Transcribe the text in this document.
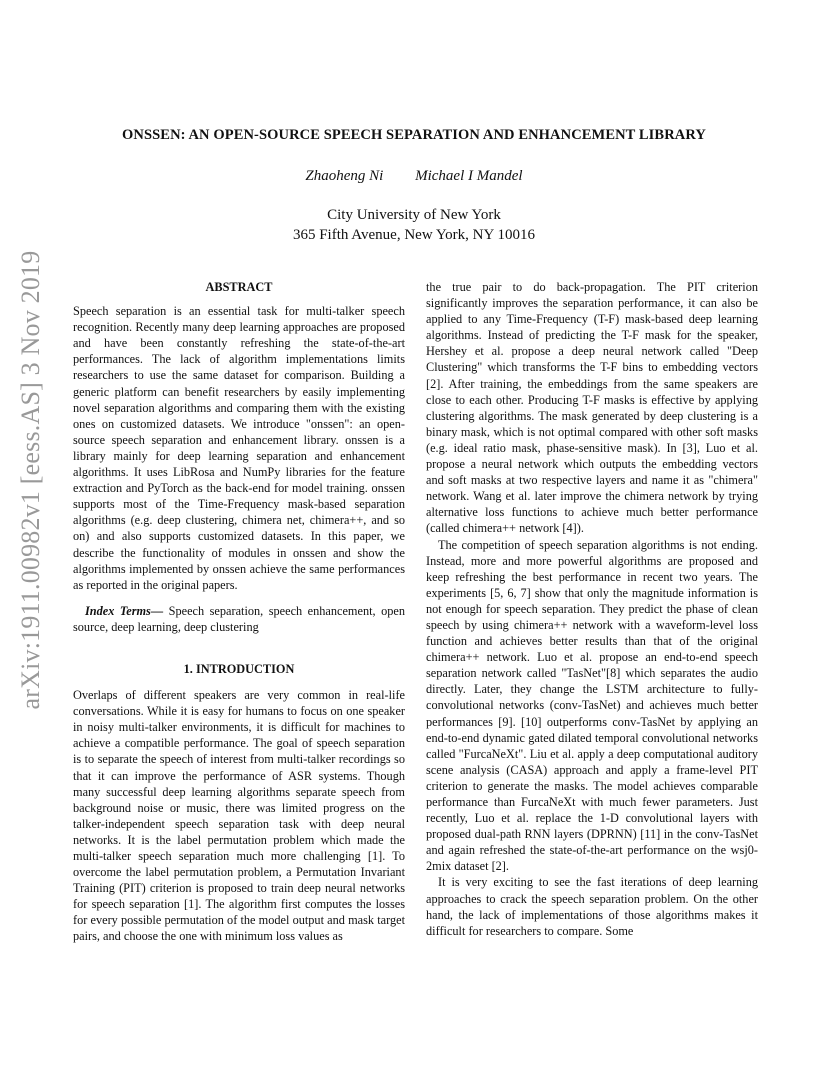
arXiv:1911.00982v1 [eess.AS] 3 Nov 2019
ONSSEN: AN OPEN-SOURCE SPEECH SEPARATION AND ENHANCEMENT LIBRARY
Zhaoheng Ni Michael I Mandel
City University of New York
365 Fifth Avenue, New York, NY 10016
ABSTRACT

Speech separation is an essential task for multi-talker speech recognition. Recently many deep learning approaches are proposed and have been constantly refreshing the state-of-the-art performances. The lack of algorithm implementations limits researchers to use the same dataset for comparison. Building a generic platform can benefit researchers by easily implementing novel separation algorithms and comparing them with the existing ones on customized datasets. We introduce "onssen": an open-source speech separation and enhancement library. onssen is a library mainly for deep learning separation and enhancement algorithms. It uses LibRosa and NumPy libraries for the feature extraction and PyTorch as the back-end for model training. onssen supports most of the Time-Frequency mask-based separation algorithms (e.g. deep clustering, chimera net, chimera++, and so on) and also supports customized datasets. In this paper, we describe the functionality of modules in onssen and show the algorithms implemented by onssen achieve the same performances as reported in the original papers.

Index Terms— Speech separation, speech enhancement, open source, deep learning, deep clustering

1. INTRODUCTION

Overlaps of different speakers are very common in real-life conversations. While it is easy for humans to focus on one speaker in noisy multi-talker environments, it is difficult for machines to achieve a compatible performance. The goal of speech separation is to separate the speech of interest from multi-talker recordings so that it can improve the performance of ASR systems. Though many successful deep learning algorithms separate speech from background noise or music, there was limited progress on the talker-independent speech separation task with deep neural networks. It is the label permutation problem which made the multi-talker speech separation much more challenging [1]. To overcome the label permutation problem, a Permutation Invariant Training (PIT) criterion is proposed to train deep neural networks for speech separation [1]. The algorithm first computes the losses for every possible permutation of the model output and mask target pairs, and choose the one with minimum loss values as

the true pair to do back-propagation. The PIT criterion significantly improves the separation performance, it can also be applied to any Time-Frequency (T-F) mask-based deep learning algorithms. Instead of predicting the T-F mask for the speaker, Hershey et al. propose a deep neural network called "Deep Clustering" which transforms the T-F bins to embedding vectors [2]. After training, the embeddings from the same speakers are close to each other. Producing T-F masks is effective by applying clustering algorithms. The mask generated by deep clustering is a binary mask, which is not optimal compared with other soft masks (e.g. ideal ratio mask, phase-sensitive mask). In [3], Luo et al. propose a neural network which outputs the embedding vectors and soft masks at two respective layers and name it as "chimera" network. Wang et al. later improve the chimera network by trying alternative loss functions to achieve much better performance (called chimera++ network [4]).

The competition of speech separation algorithms is not ending. Instead, more and more powerful algorithms are proposed and keep refreshing the best performance in recent two years. The experiments [5, 6, 7] show that only the magnitude information is not enough for speech separation. They predict the phase of clean speech by using chimera++ network with a waveform-level loss function and achieves better results than that of the original chimera++ network. Luo et al. propose an end-to-end speech separation network called "TasNet"[8] which separates the audio directly. Later, they change the LSTM architecture to fully-convolutional networks (conv-TasNet) and achieves much better performances [9]. [10] outperforms conv-TasNet by applying an end-to-end dynamic gated dilated temporal convolutional networks called "FurcaNeXt". Liu et al. apply a deep computational auditory scene analysis (CASA) approach and apply a frame-level PIT criterion to generate the masks. The model achieves comparable performance than FurcaNeXt with much fewer parameters. Just recently, Luo et al. replace the 1-D convolutional layers with proposed dual-path RNN layers (DPRNN) [11] in the conv-TasNet and again refreshed the state-of-the-art performance on the wsj0-2mix dataset [2].

It is very exciting to see the fast iterations of deep learning approaches to crack the speech separation problem. On the other hand, the lack of implementations of those algorithms makes it difficult for researchers to compare. Some
